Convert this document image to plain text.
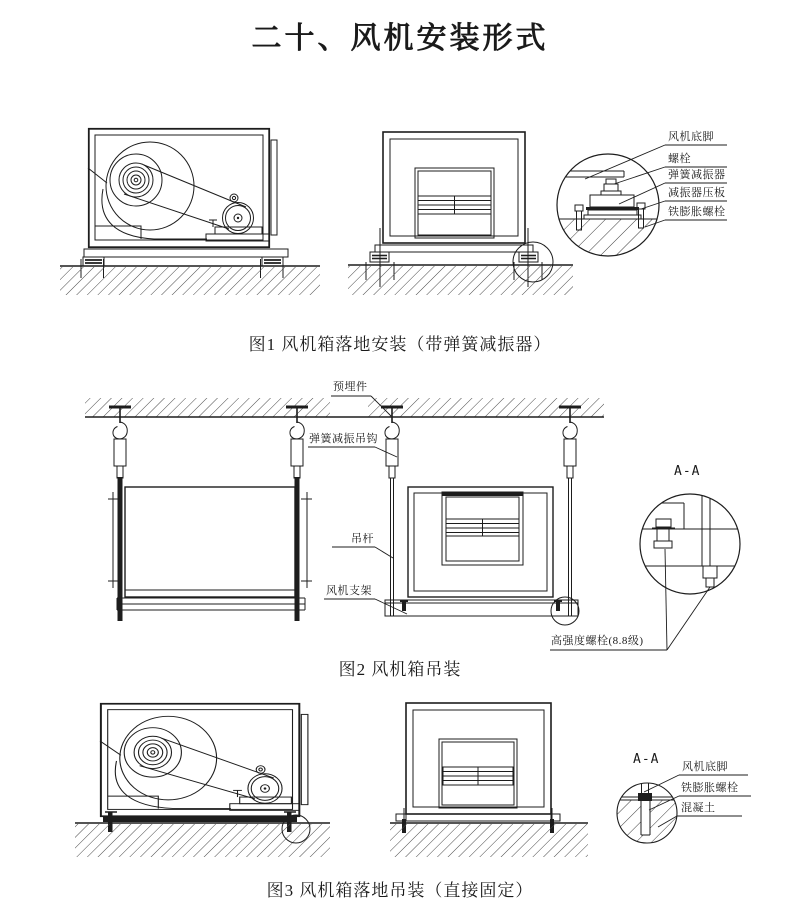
二十、风机安装形式
风机底脚
螺栓
弹簧减振器
减振器压板
铁膨胀螺栓
图1 风机箱落地安装（带弹簧减振器）
预埋件
弹簧减振吊钩
吊杆
风机支架
高强度螺栓(8.8级)
A-A
图2 风机箱吊装
A-A 风机底脚
铁膨胀螺栓
混凝土
图3 风机箱落地吊装（直接固定）
